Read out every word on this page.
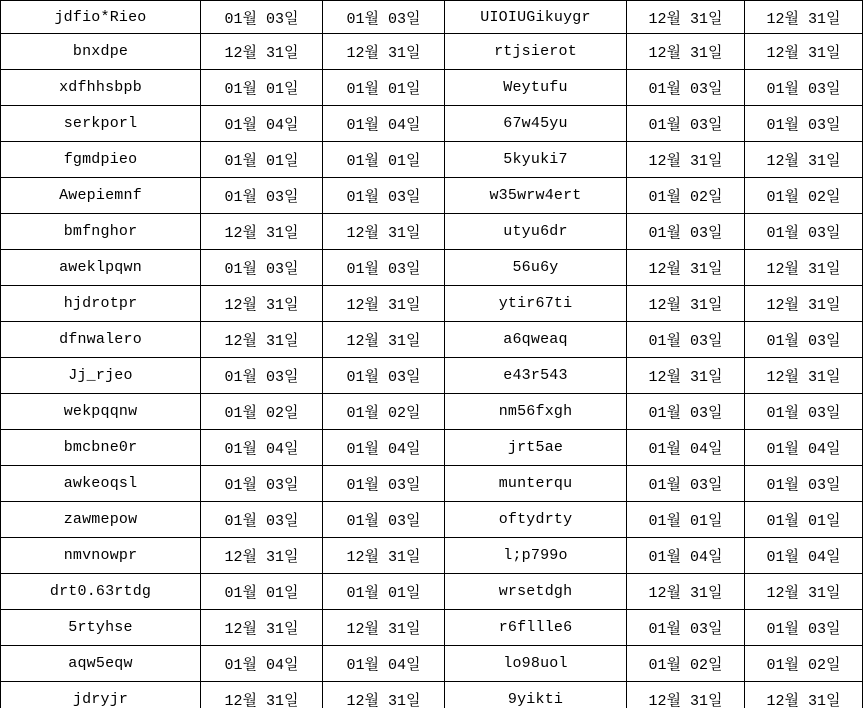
jdfio*Rieo	01월 03일	01월 03일	UIOIUGikuygr	12월 31일	12월 31일
bnxdpe	12월 31일	12월 31일	rtjsierot	12월 31일	12월 31일
xdfhhsbpb	01월 01일	01월 01일	Weytufu	01월 03일	01월 03일
serkporl	01월 04일	01월 04일	67w45yu	01월 03일	01월 03일
fgmdpieo	01월 01일	01월 01일	5kyuki7	12월 31일	12월 31일
Awepiemnf	01월 03일	01월 03일	w35wrw4ert	01월 02일	01월 02일
bmfnghor	12월 31일	12월 31일	utyu6dr	01월 03일	01월 03일
aweklpqwn	01월 03일	01월 03일	56u6y	12월 31일	12월 31일
hjdrotpr	12월 31일	12월 31일	ytir67ti	12월 31일	12월 31일
dfnwalero	12월 31일	12월 31일	a6qweaq	01월 03일	01월 03일
Jj_rjeo	01월 03일	01월 03일	e43r543	12월 31일	12월 31일
wekpqqnw	01월 02일	01월 02일	nm56fxgh	01월 03일	01월 03일
bmcbne0r	01월 04일	01월 04일	jrt5ae	01월 04일	01월 04일
awkeoqsl	01월 03일	01월 03일	munterqu	01월 03일	01월 03일
zawmepow	01월 03일	01월 03일	oftydrty	01월 01일	01월 01일
nmvnowpr	12월 31일	12월 31일	l;p799o	01월 04일	01월 04일
drt0.63rtdg	01월 01일	01월 01일	wrsetdgh	12월 31일	12월 31일
5rtyhse	12월 31일	12월 31일	r6fllle6	01월 03일	01월 03일
aqw5eqw	01월 04일	01월 04일	lo98uol	01월 02일	01월 02일
jdryjr	12월 31일	12월 31일	9yikti	12월 31일	12월 31일
